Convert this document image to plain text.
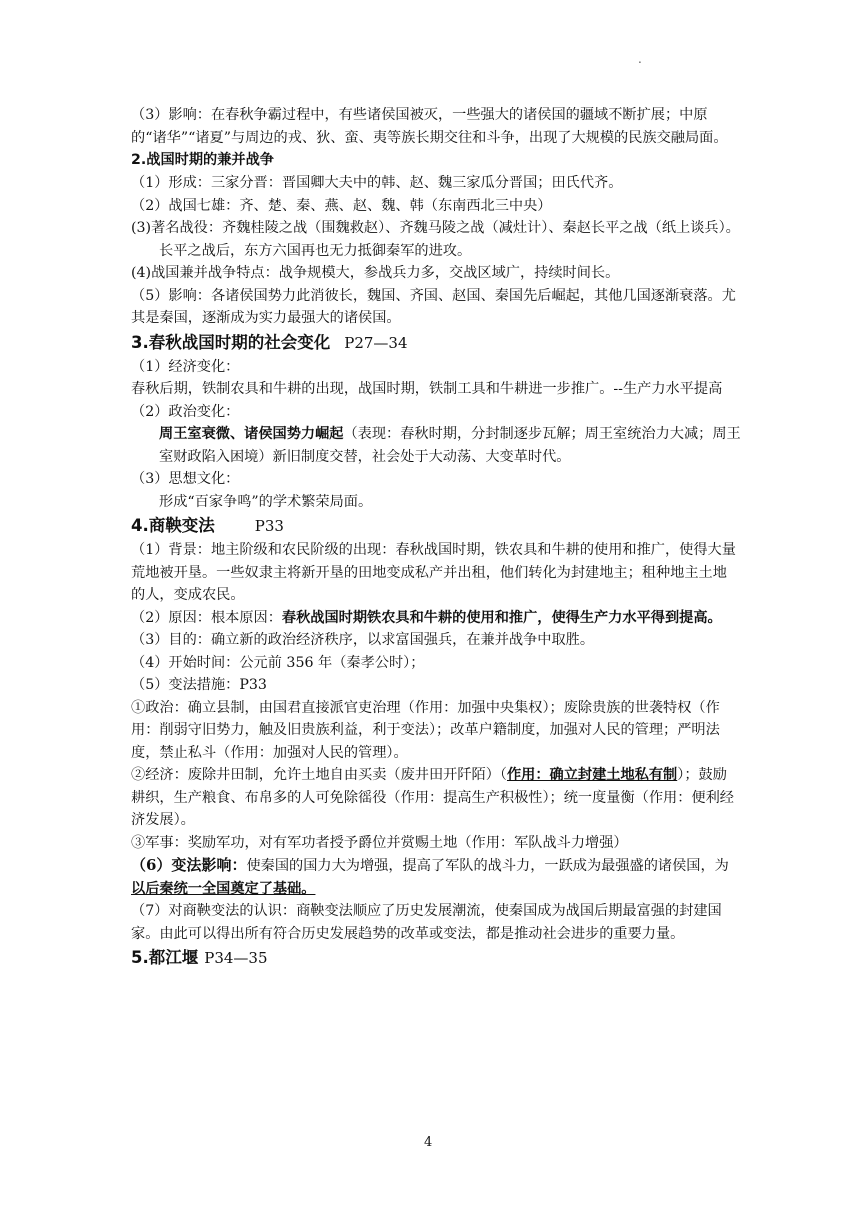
.

（3）影响：在春秋争霸过程中，有些诸侯国被灭，一些强大的诸侯国的疆域不断扩展；中原的“诸华”“诸夏”与周边的戎、狄、蛮、夷等族长期交往和斗争，出现了大规模的民族交融局面。

2.战国时期的兼并战争

（1）形成：三家分晋：晋国卿大夫中的韩、赵、魏三家瓜分晋国；田氏代齐。

（2）战国七雄：齐、楚、秦、燕、赵、魏、韩（东南西北三中央）

(3)著名战役：齐魏桂陵之战（围魏救赵）、齐魏马陵之战（减灶计）、秦赵长平之战（纸上谈兵）。

长平之战后，东方六国再也无力抵御秦军的进攻。

(4)战国兼并战争特点：战争规模大，参战兵力多，交战区域广，持续时间长。

（5）影响：各诸侯国势力此消彼长，魏国、齐国、赵国、秦国先后崛起，其他几国逐渐衰落。尤其是秦国，逐渐成为实力最强大的诸侯国。

3.春秋战国时期的社会变化 P27—34

（1）经济变化：

春秋后期，铁制农具和牛耕的出现，战国时期，铁制工具和牛耕进一步推广。--生产力水平提高

（2）政治变化：

周王室衰微、诸侯国势力崛起（表现：春秋时期，分封制逐步瓦解；周王室统治力大减；周王室财政陷入困境）新旧制度交替，社会处于大动荡、大变革时代。

（3）思想文化：

形成“百家争鸣”的学术繁荣局面。

4.商鞅变法	P33

（1）背景：地主阶级和农民阶级的出现：春秋战国时期，铁农具和牛耕的使用和推广，使得大量荒地被开垦。一些奴隶主将新开垦的田地变成私产并出租，他们转化为封建地主；租种地主土地的人，变成农民。

（2）原因：根本原因：春秋战国时期铁农具和牛耕的使用和推广，使得生产力水平得到提高。

（3）目的：确立新的政治经济秩序，以求富国强兵，在兼并战争中取胜。

（4）开始时间：公元前 356 年（秦孝公时）；

（5）变法措施：P33

①政治：确立县制，由国君直接派官吏治理（作用：加强中央集权）；废除贵族的世袭特权（作用：削弱守旧势力，触及旧贵族利益，利于变法）；改革户籍制度，加强对人民的管理；严明法度，禁止私斗（作用：加强对人民的管理）。

②经济：废除井田制，允许土地自由买卖（废井田开阡陌）（作用：确立封建土地私有制）；鼓励耕织，生产粮食、布帛多的人可免除徭役（作用：提高生产积极性）；统一度量衡（作用：便利经济发展）。

③军事：奖励军功，对有军功者授予爵位并赏赐土地（作用：军队战斗力增强）

（6）变法影响：使秦国的国力大为增强，提高了军队的战斗力，一跃成为最强盛的诸侯国，为以后秦统一全国奠定了基础。

（7）对商鞅变法的认识：商鞅变法顺应了历史发展潮流，使秦国成为战国后期最富强的封建国家。由此可以得出所有符合历史发展趋势的改革或变法，都是推动社会进步的重要力量。

5.都江堰 P34—35

4
